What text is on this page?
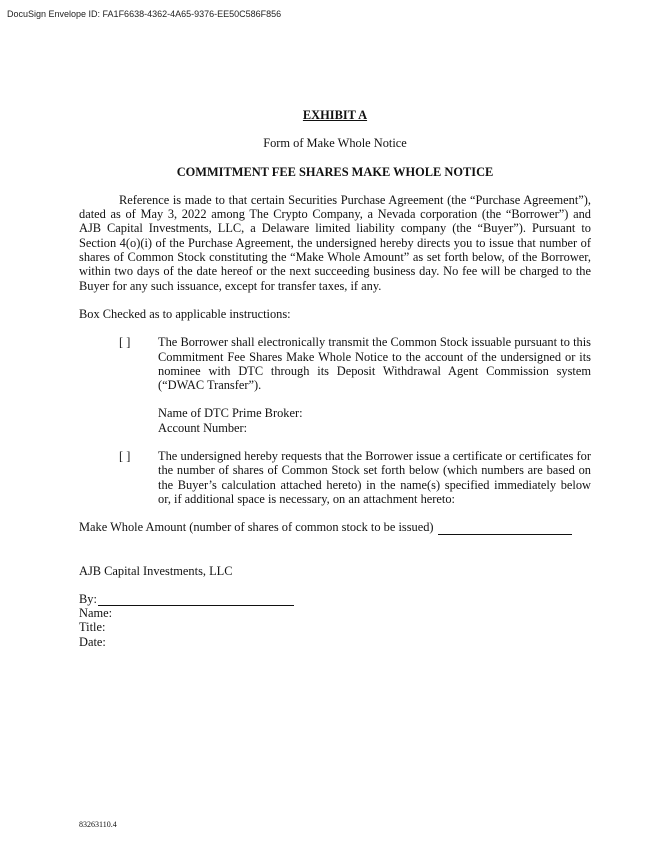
DocuSign Envelope ID: FA1F6638-4362-4A65-9376-EE50C586F856

EXHIBIT A

Form of Make Whole Notice
COMMITMENT FEE SHARES MAKE WHOLE NOTICE
Reference is made to that certain Securities Purchase Agreement (the “Purchase Agreement”), dated as of May 3, 2022 among The Crypto Company, a Nevada corporation (the “Borrower”) and AJB Capital Investments, LLC, a Delaware limited liability company (the “Buyer”). Pursuant to Section 4(o)(i) of the Purchase Agreement, the undersigned hereby directs you to issue that number of shares of Common Stock constituting the “Make Whole Amount” as set forth below, of the Borrower, within two days of the date hereof or the next succeeding business day. No fee will be charged to the Buyer for any such issuance, except for transfer taxes, if any.
Box Checked as to applicable instructions:
[ ]	The Borrower shall electronically transmit the Common Stock issuable pursuant to this Commitment Fee Shares Make Whole Notice to the account of the undersigned or its nominee with DTC through its Deposit Withdrawal Agent Commission system (“DWAC Transfer”).
Name of DTC Prime Broker:
Account Number:
[ ]	The undersigned hereby requests that the Borrower issue a certificate or certificates for the number of shares of Common Stock set forth below (which numbers are based on the Buyer’s calculation attached hereto) in the name(s) specified immediately below or, if additional space is necessary, on an attachment hereto:
Make Whole Amount (number of shares of common stock to be issued)
AJB Capital Investments, LLC
By:
Name:
Title:
Date:
83263110.4
